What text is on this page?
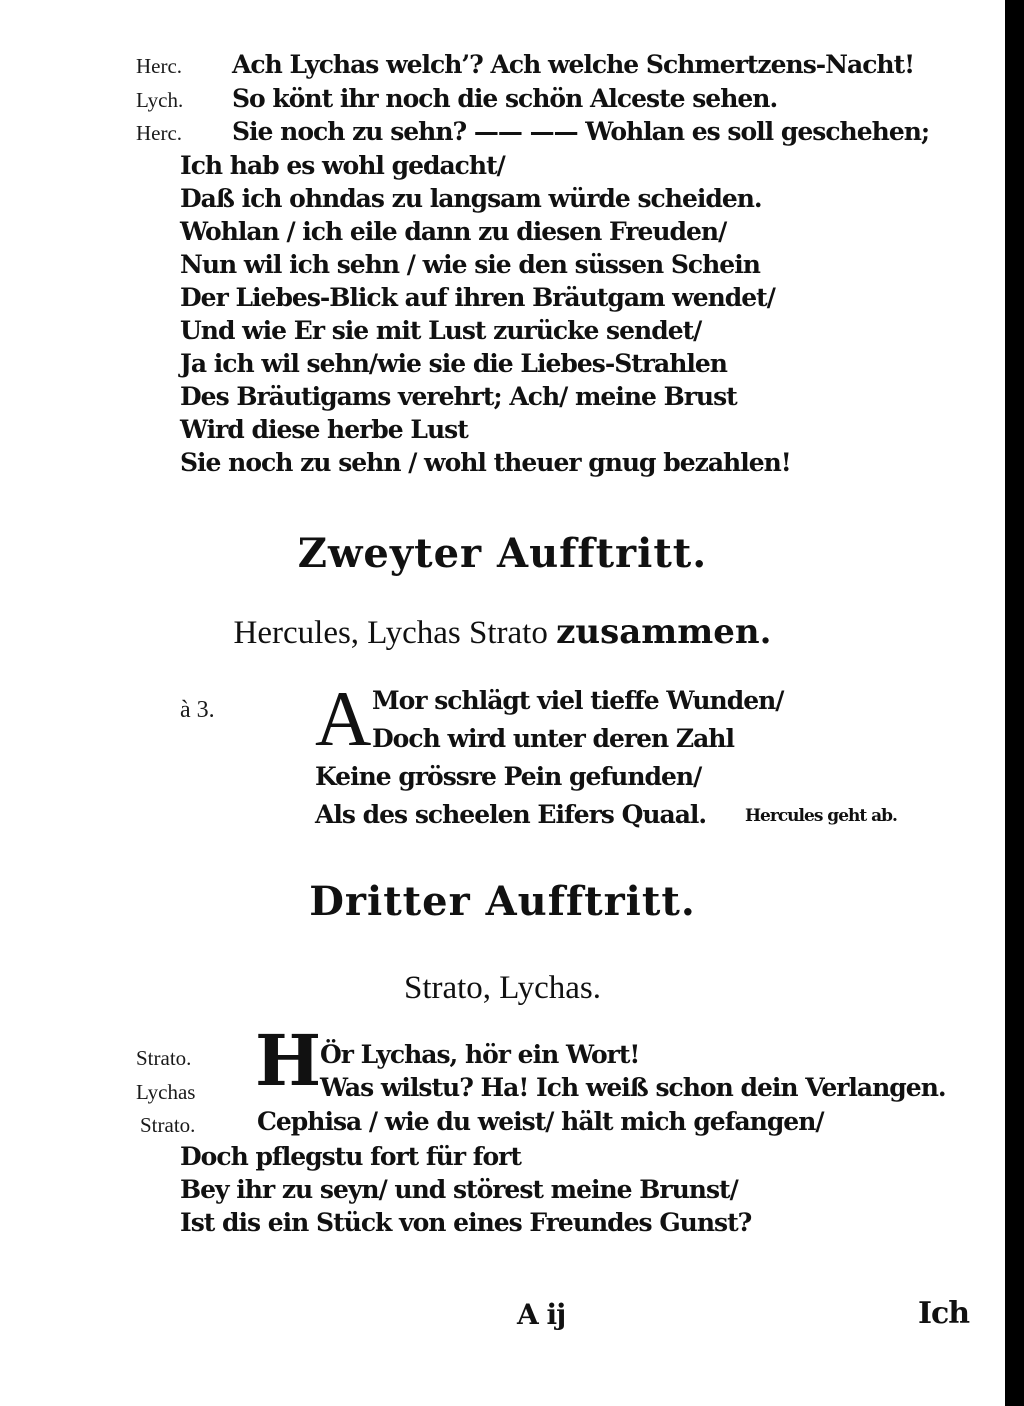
Herc. Ach Lychas welch’? Ach welche Schmertzens-Nacht!
Lych. So könt ihr noch die schön Alceste sehen.
Herc. Sie noch zu sehn? —— —— Wohlan es soll geschehen;
Ich hab es wohl gedacht/
Daß ich ohndas zu langsam würde scheiden.
Wohlan / ich eile dann zu diesen Freuden/
Nun wil ich sehn / wie sie den süssen Schein
Der Liebes-Blick auf ihren Bräutgam wendet/
Und wie Er sie mit Lust zurücke sendet/
Ja ich wil sehn/wie sie die Liebes-Strahlen
Des Bräutigams verehrt; Ach/ meine Brust
Wird diese herbe Lust
Sie noch zu sehn / wohl theuer gnug bezahlen!
Zweyter Aufftritt.
Hercules, Lychas Strato zusammen.
à 3. A Mor schlägt viel tieffe Wunden/
Doch wird unter deren Zahl
Keine grössre Pein gefunden/
Als des scheelen Eifers Quaal. Hercules geht ab.
Dritter Aufftritt.
Strato, Lychas.
H
Strato.	Ör Lychas, hör ein Wort!
Lychas	Was wilstu? Ha! Ich weiß schon dein Verlangen.
Strato. Cephisa / wie du weist/ hält mich gefangen/
Doch pflegstu fort für fort
Bey ihr zu seyn/ und störest meine Brunst/
Ist dis ein Stück von eines Freundes Gunst?
A ij	Ich
